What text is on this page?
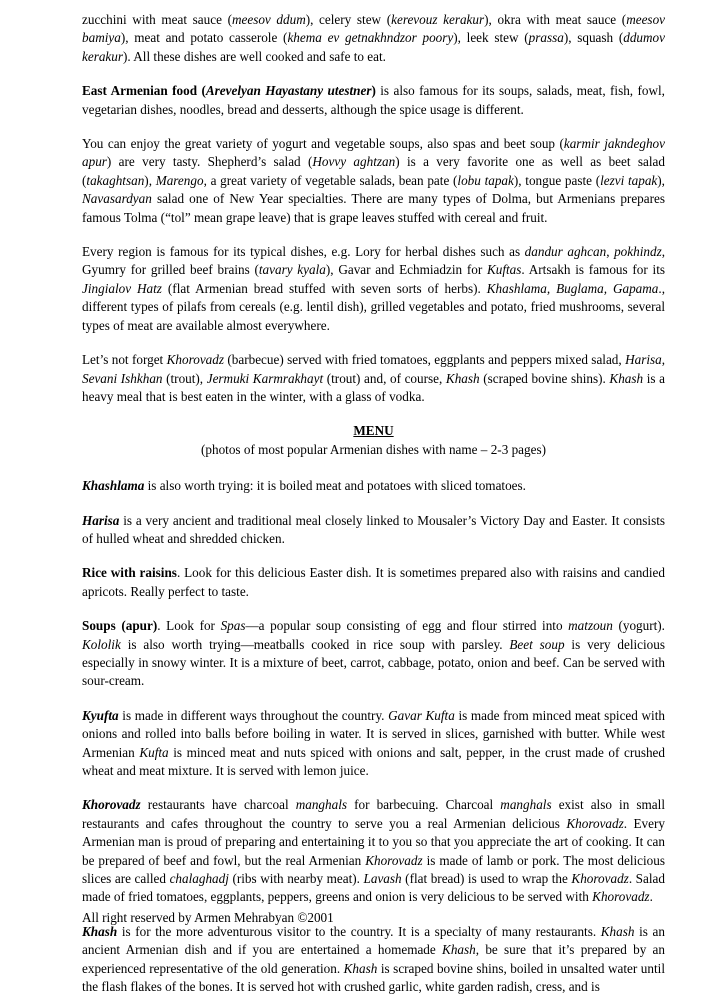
zucchini with meat sauce (meesov ddum), celery stew (kerevouz kerakur), okra with meat sauce (meesov bamiya), meat and potato casserole (khema ev getnakhndzor poory), leek stew (prassa), squash (ddumov kerakur). All these dishes are well cooked and safe to eat.

East Armenian food (Arevelyan Hayastany utestner) is also famous for its soups, salads, meat, fish, fowl, vegetarian dishes, noodles, bread and desserts, although the spice usage is different.

You can enjoy the great variety of yogurt and vegetable soups, also spas and beet soup (karmir jakndeghov apur) are very tasty. Shepherd’s salad (Hovvy aghtzan) is a very favorite one as well as beet salad (takaghtsan), Marengo, a great variety of vegetable salads, bean pate (lobu tapak), tongue paste (lezvi tapak), Navasardyan salad one of New Year specialties. There are many types of Dolma, but Armenians prepares famous Tolma (“tol” mean grape leave) that is grape leaves stuffed with cereal and fruit.

Every region is famous for its typical dishes, e.g. Lory for herbal dishes such as dandur aghcan, pokhindz, Gyumry for grilled beef brains (tavary kyala), Gavar and Echmiadzin for Kuftas. Artsakh is famous for its Jingialov Hatz (flat Armenian bread stuffed with seven sorts of herbs). Khashlama, Buglama, Gapama., different types of pilafs from cereals (e.g. lentil dish), grilled vegetables and potato, fried mushrooms, several types of meat are available almost everywhere.

Let’s not forget Khorovadz (barbecue) served with fried tomatoes, eggplants and peppers mixed salad, Harisa, Sevani Ishkhan (trout), Jermuki Karmrakhayt (trout) and, of course, Khash (scraped bovine shins). Khash is a heavy meal that is best eaten in the winter, with a glass of vodka.

MENU
(photos of most popular Armenian dishes with name – 2-3 pages)

Khashlama is also worth trying: it is boiled meat and potatoes with sliced tomatoes.

Harisa is a very ancient and traditional meal closely linked to Mousaler’s Victory Day and Easter. It consists of hulled wheat and shredded chicken.

Rice with raisins. Look for this delicious Easter dish. It is sometimes prepared also with raisins and candied apricots. Really perfect to taste.

Soups (apur). Look for Spas—a popular soup consisting of egg and flour stirred into matzoun (yogurt). Kololik is also worth trying—meatballs cooked in rice soup with parsley. Beet soup is very delicious especially in snowy winter. It is a mixture of beet, carrot, cabbage, potato, onion and beef. Can be served with sour-cream.

Kyufta is made in different ways throughout the country. Gavar Kufta is made from minced meat spiced with onions and rolled into balls before boiling in water. It is served in slices, garnished with butter. While west Armenian Kufta is minced meat and nuts spiced with onions and salt, pepper, in the crust made of crushed wheat and meat mixture. It is served with lemon juice.

Khorovadz restaurants have charcoal manghals for barbecuing. Charcoal manghals exist also in small restaurants and cafes throughout the country to serve you a real Armenian delicious Khorovadz. Every Armenian man is proud of preparing and entertaining it to you so that you appreciate the art of cooking. It can be prepared of beef and fowl, but the real Armenian Khorovadz is made of lamb or pork. The most delicious slices are called chalaghadj (ribs with nearby meat). Lavash (flat bread) is used to wrap the Khorovadz. Salad made of fried tomatoes, eggplants, peppers, greens and onion is very delicious to be served with Khorovadz.

Khash is for the more adventurous visitor to the country. It is a specialty of many restaurants. Khash is an ancient Armenian dish and if you are entertained a homemade Khash, be sure that it’s prepared by an experienced representative of the old generation. Khash is scraped bovine shins, boiled in unsalted water until the flash flakes of the bones. It is served hot with crushed garlic, white garden radish, cress, and is

All right reserved by Armen Mehrabyan ©2001
